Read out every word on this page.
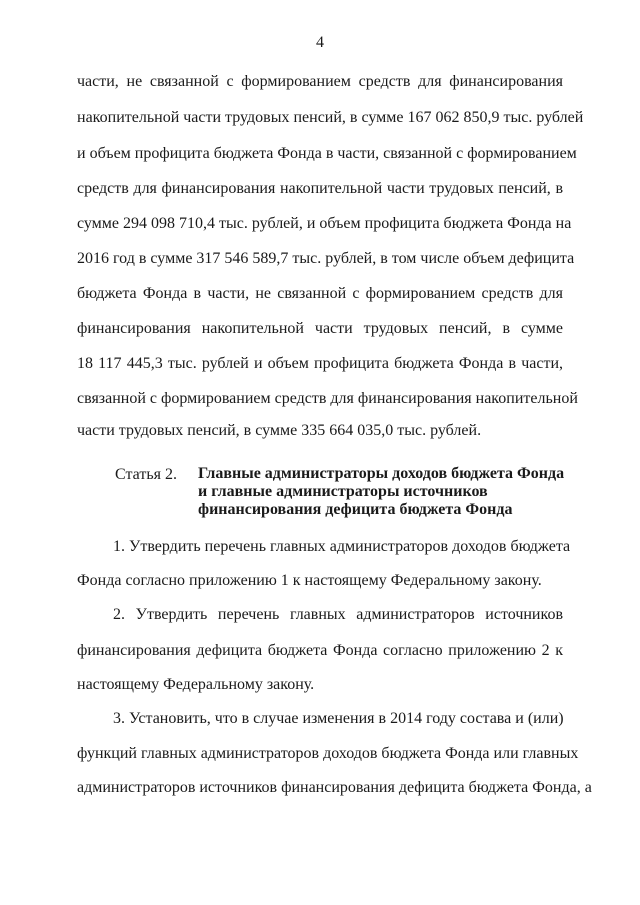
4
части, не связанной с формированием средств для финансирования
накопительной части трудовых пенсий, в сумме 167 062 850,9 тыс. рублей
и объем профицита бюджета Фонда в части, связанной с формированием
средств для финансирования накопительной части трудовых пенсий, в
сумме 294 098 710,4 тыс. рублей, и объем профицита бюджета Фонда на
2016 год в сумме 317 546 589,7 тыс. рублей, в том числе объем дефицита
бюджета Фонда в части, не связанной с формированием средств для
финансирования накопительной части трудовых пенсий, в сумме
18 117 445,3 тыс. рублей и объем профицита бюджета Фонда в части,
связанной с формированием средств для финансирования накопительной
части трудовых пенсий, в сумме 335 664 035,0 тыс. рублей.
Статья 2. Главные администраторы доходов бюджета Фонда
и главные администраторы источников
финансирования дефицита бюджета Фонда
1. Утвердить перечень главных администраторов доходов бюджета
Фонда согласно приложению 1 к настоящему Федеральному закону.
2. Утвердить перечень главных администраторов источников
финансирования дефицита бюджета Фонда согласно приложению 2 к
настоящему Федеральному закону.
3. Установить, что в случае изменения в 2014 году состава и (или)
функций главных администраторов доходов бюджета Фонда или главных
администраторов источников финансирования дефицита бюджета Фонда, а
